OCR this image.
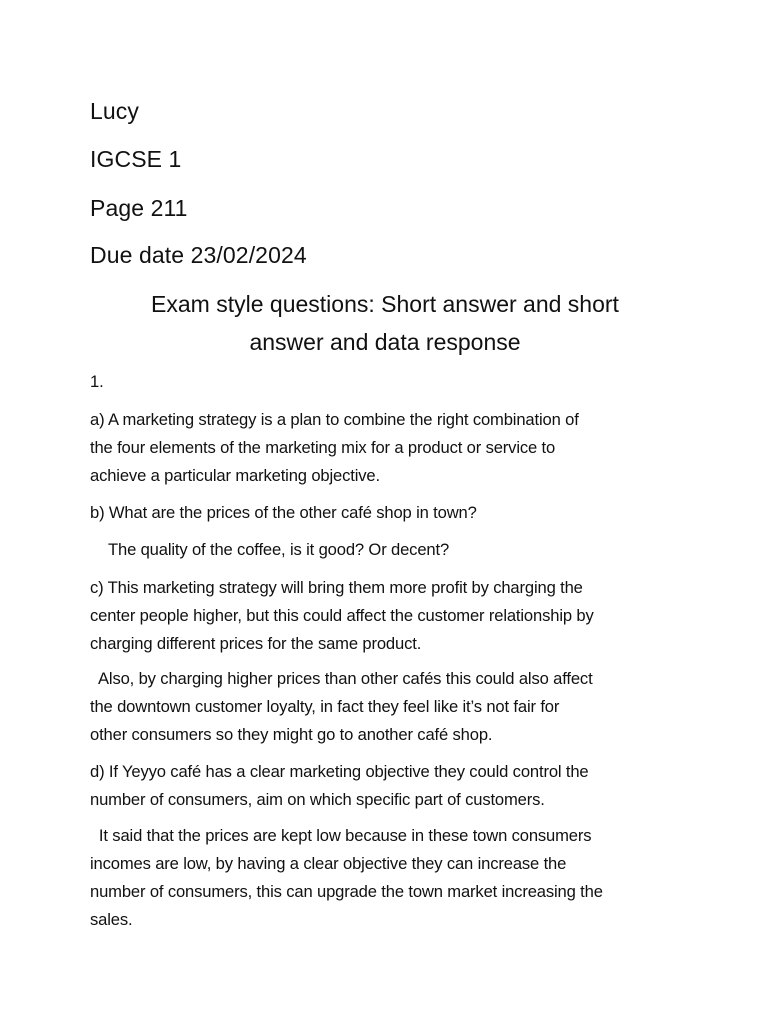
Lucy
IGCSE 1
Page 211
Due date 23/02/2024
Exam style questions: Short answer and short
answer and data response
1.
a) A marketing strategy is a plan to combine the right combination of
the four elements of the marketing mix for a product or service to
achieve a particular marketing objective.
b) What are the prices of the other café shop in town?
The quality of the coffee, is it good? Or decent?
c) This marketing strategy will bring them more profit by charging the
center people higher, but this could affect the customer relationship by
charging different prices for the same product.
Also, by charging higher prices than other cafés this could also affect
the downtown customer loyalty, in fact they feel like it’s not fair for
other consumers so they might go to another café shop.
d) If Yeyyo café has a clear marketing objective they could control the
number of consumers, aim on which specific part of customers.
It said that the prices are kept low because in these town consumers
incomes are low, by having a clear objective they can increase the
number of consumers, this can upgrade the town market increasing the
sales.
